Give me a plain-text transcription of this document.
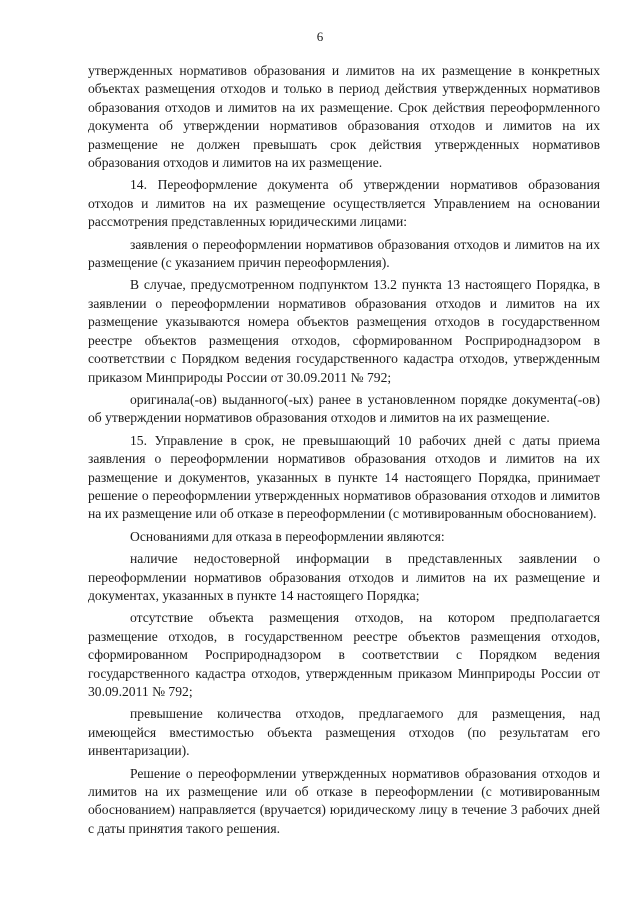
6

утвержденных нормативов образования и лимитов на их размещение в конкретных объектах размещения отходов и только в период действия утвержденных нормативов образования отходов и лимитов на их размещение. Срок действия переоформленного документа об утверждении нормативов образования отходов и лимитов на их размещение не должен превышать срок действия утвержденных нормативов образования отходов и лимитов на их размещение.

14. Переоформление документа об утверждении нормативов образования отходов и лимитов на их размещение осуществляется Управлением на основании рассмотрения представленных юридическими лицами:

заявления о переоформлении нормативов образования отходов и лимитов на их размещение (с указанием причин переоформления).

В случае, предусмотренном подпунктом 13.2 пункта 13 настоящего Порядка, в заявлении о переоформлении нормативов образования отходов и лимитов на их размещение указываются номера объектов размещения отходов в государственном реестре объектов размещения отходов, сформированном Росприроднадзором в соответствии с Порядком ведения государственного кадастра отходов, утвержденным приказом Минприроды России от 30.09.2011 № 792;

оригинала(-ов) выданного(-ых) ранее в установленном порядке документа(-ов) об утверждении нормативов образования отходов и лимитов на их размещение.

15. Управление в срок, не превышающий 10 рабочих дней с даты приема заявления о переоформлении нормативов образования отходов и лимитов на их размещение и документов, указанных в пункте 14 настоящего Порядка, принимает решение о переоформлении утвержденных нормативов образования отходов и лимитов на их размещение или об отказе в переоформлении (с мотивированным обоснованием).

Основаниями для отказа в переоформлении являются:

наличие недостоверной информации в представленных заявлении о переоформлении нормативов образования отходов и лимитов на их размещение и документах, указанных в пункте 14 настоящего Порядка;

отсутствие объекта размещения отходов, на котором предполагается размещение отходов, в государственном реестре объектов размещения отходов, сформированном Росприроднадзором в соответствии с Порядком ведения государственного кадастра отходов, утвержденным приказом Минприроды России от 30.09.2011 № 792;

превышение количества отходов, предлагаемого для размещения, над имеющейся вместимостью объекта размещения отходов (по результатам его инвентаризации).

Решение о переоформлении утвержденных нормативов образования отходов и лимитов на их размещение или об отказе в переоформлении (с мотивированным обоснованием) направляется (вручается) юридическому лицу в течение 3 рабочих дней с даты принятия такого решения.
